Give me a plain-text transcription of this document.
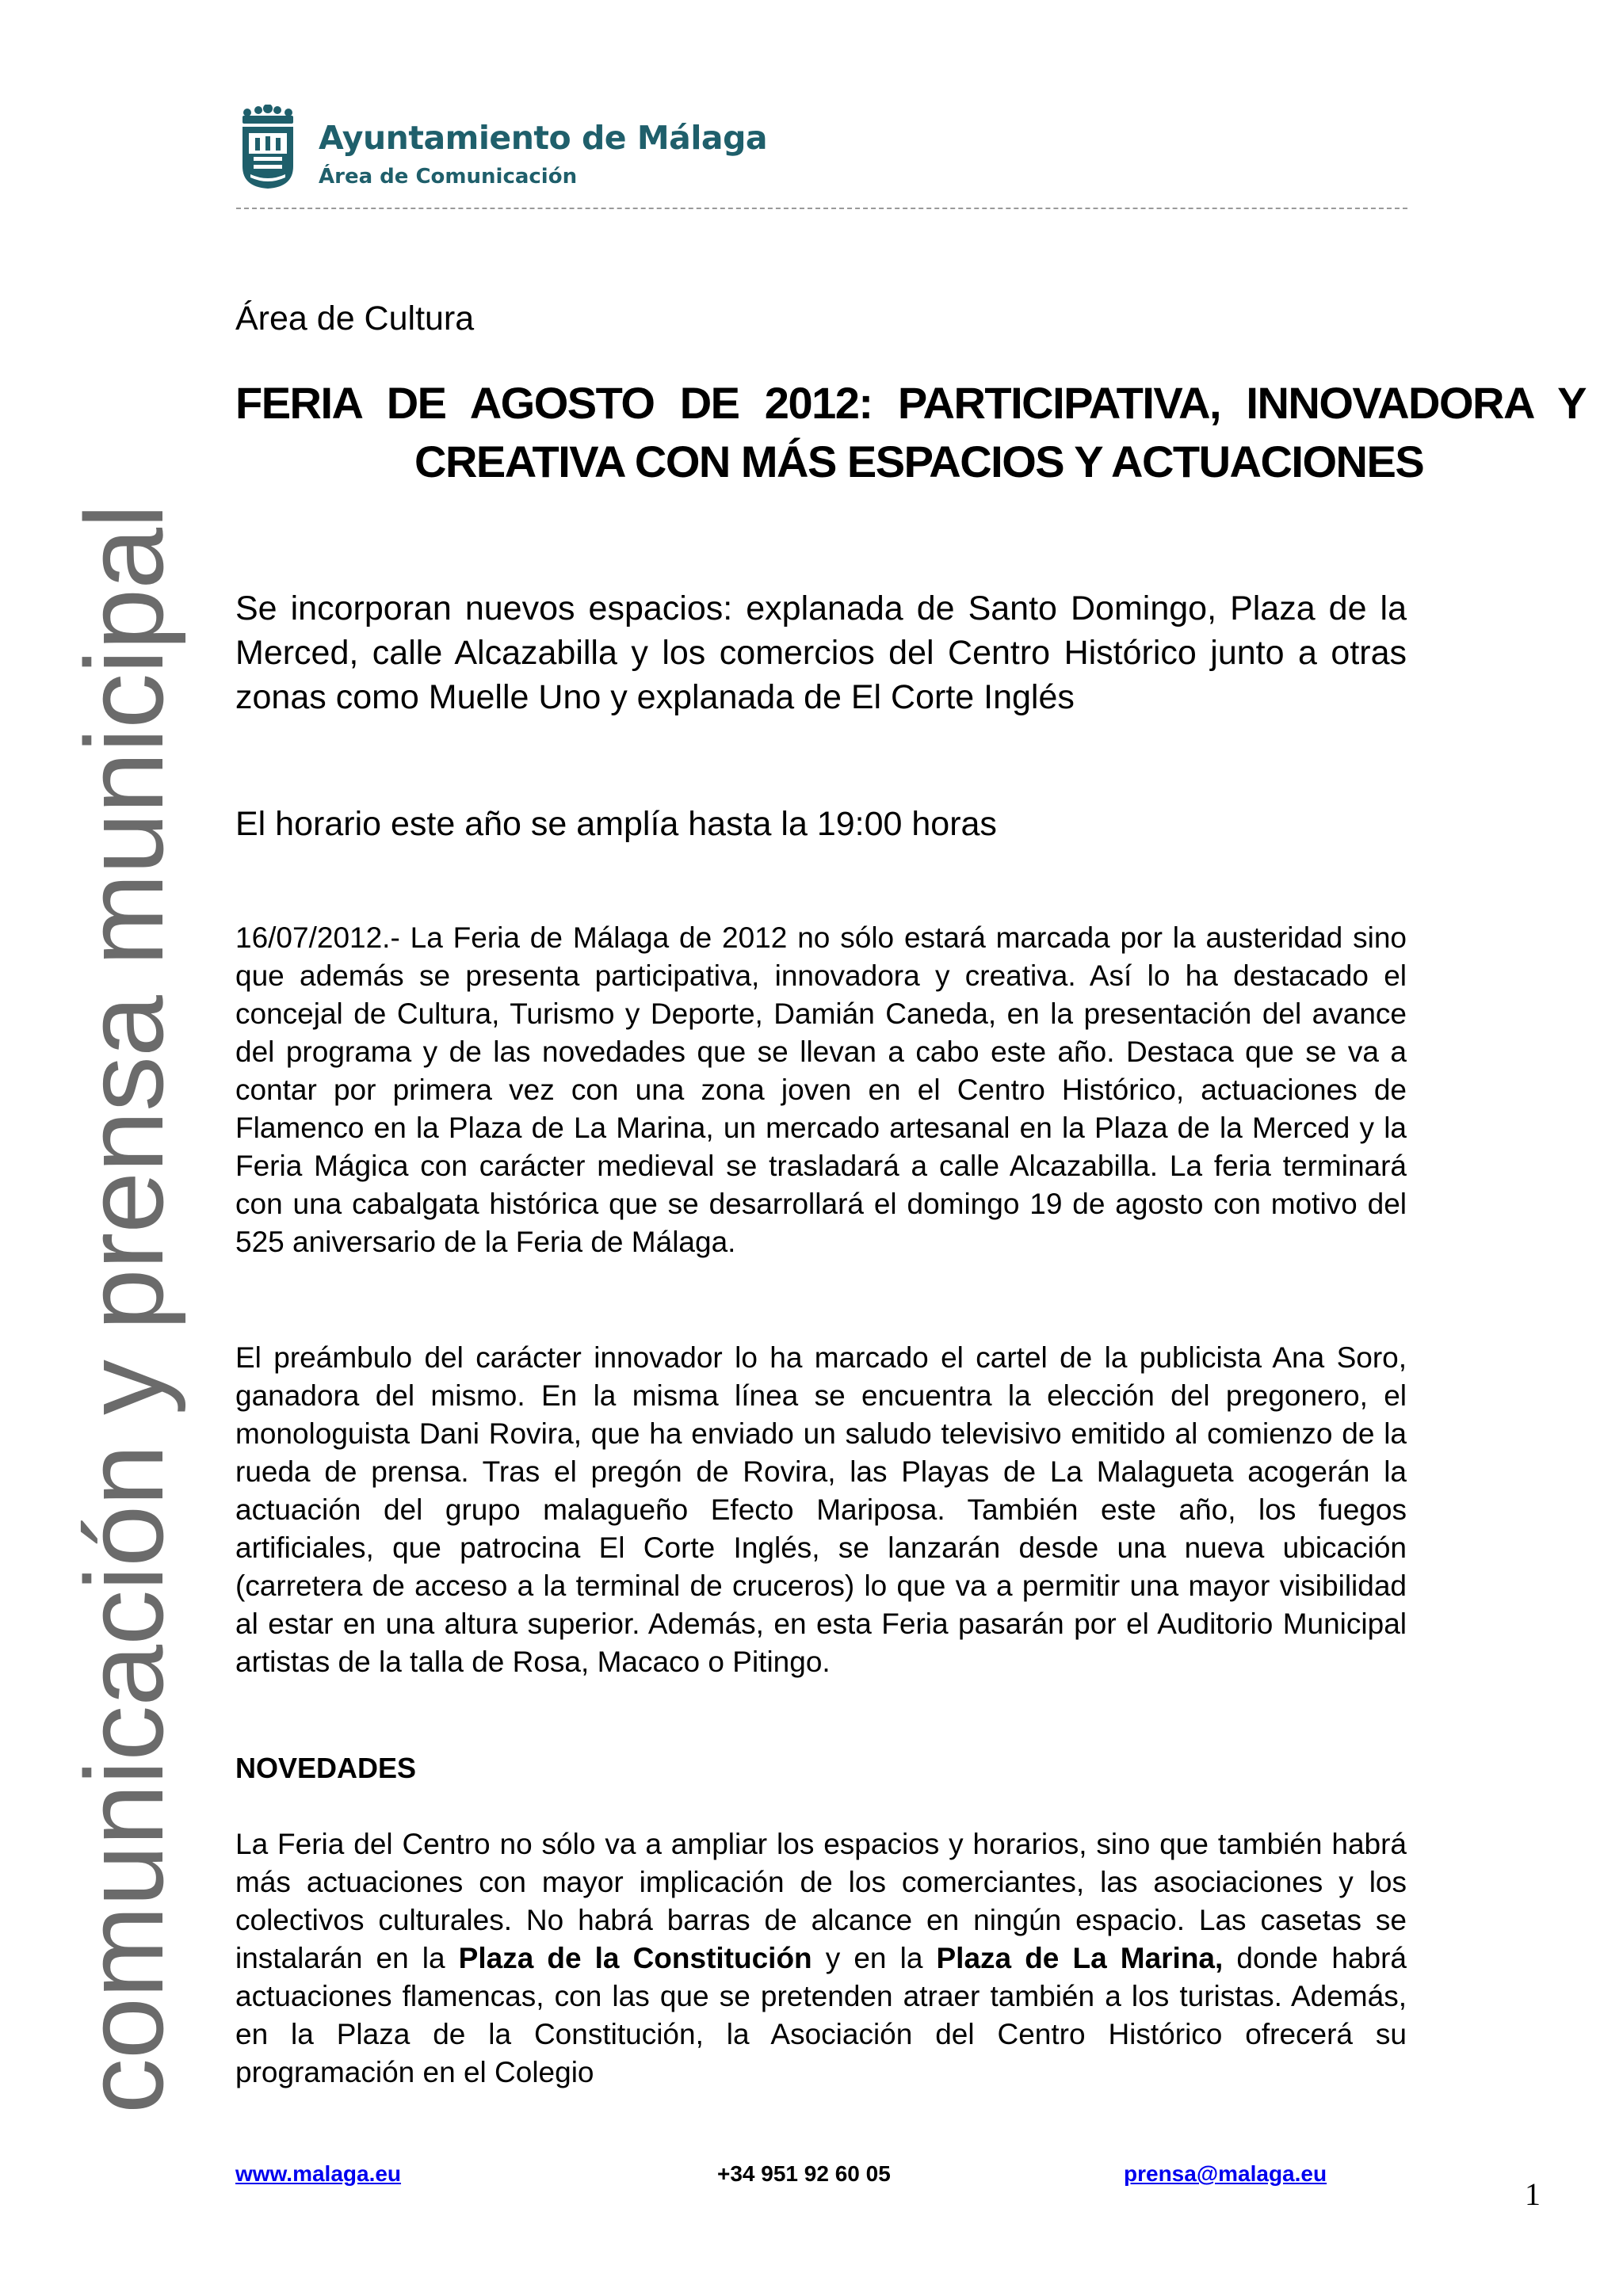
Ayuntamiento de Málaga
Área de Comunicación
comunicación y prensa municipal
Área de Cultura
FERIA DE AGOSTO DE 2012: PARTICIPATIVA, INNOVADORA Y CREATIVA CON MÁS ESPACIOS Y ACTUACIONES
Se incorporan nuevos espacios: explanada de Santo Domingo, Plaza de la Merced, calle Alcazabilla y los comercios del Centro Histórico junto a otras zonas como Muelle Uno y explanada de El Corte Inglés
El horario este año se amplía hasta la 19:00 horas
16/07/2012.- La Feria de Málaga de 2012 no sólo estará marcada por la austeridad sino que además se presenta participativa, innovadora y creativa. Así lo ha destacado el concejal de Cultura, Turismo y Deporte, Damián Caneda, en la presentación del avance del programa y de las novedades que se llevan a cabo este año. Destaca que se va a contar por primera vez con una zona joven en el Centro Histórico, actuaciones de Flamenco en la Plaza de La Marina, un mercado artesanal en la Plaza de la Merced y la Feria Mágica con carácter medieval se trasladará a calle Alcazabilla. La feria terminará con una cabalgata histórica que se desarrollará el domingo 19 de agosto con motivo del 525 aniversario de la Feria de Málaga.
El preámbulo del carácter innovador lo ha marcado el cartel de la publicista Ana Soro, ganadora del mismo. En la misma línea se encuentra la elección del pregonero, el monologuista Dani Rovira, que ha enviado un saludo televisivo emitido al comienzo de la rueda de prensa. Tras el pregón de Rovira, las Playas de La Malagueta acogerán la actuación del grupo malagueño Efecto Mariposa. También este año, los fuegos artificiales, que patrocina El Corte Inglés, se lanzarán desde una nueva ubicación (carretera de acceso a la terminal de cruceros) lo que va a permitir una mayor visibilidad al estar en una altura superior. Además, en esta Feria pasarán por el Auditorio Municipal artistas de la talla de Rosa, Macaco o Pitingo.
NOVEDADES
La Feria del Centro no sólo va a ampliar los espacios y horarios, sino que también habrá más actuaciones con mayor implicación de los comerciantes, las asociaciones y los colectivos culturales. No habrá barras de alcance en ningún espacio. Las casetas se instalarán en la Plaza de la Constitución y en la Plaza de La Marina, donde habrá actuaciones flamencas, con las que se pretenden atraer también a los turistas. Además, en la Plaza de la Constitución, la Asociación del Centro Histórico ofrecerá su programación en el Colegio
www.malaga.eu	+34 951 92 60 05	prensa@malaga.eu
1
